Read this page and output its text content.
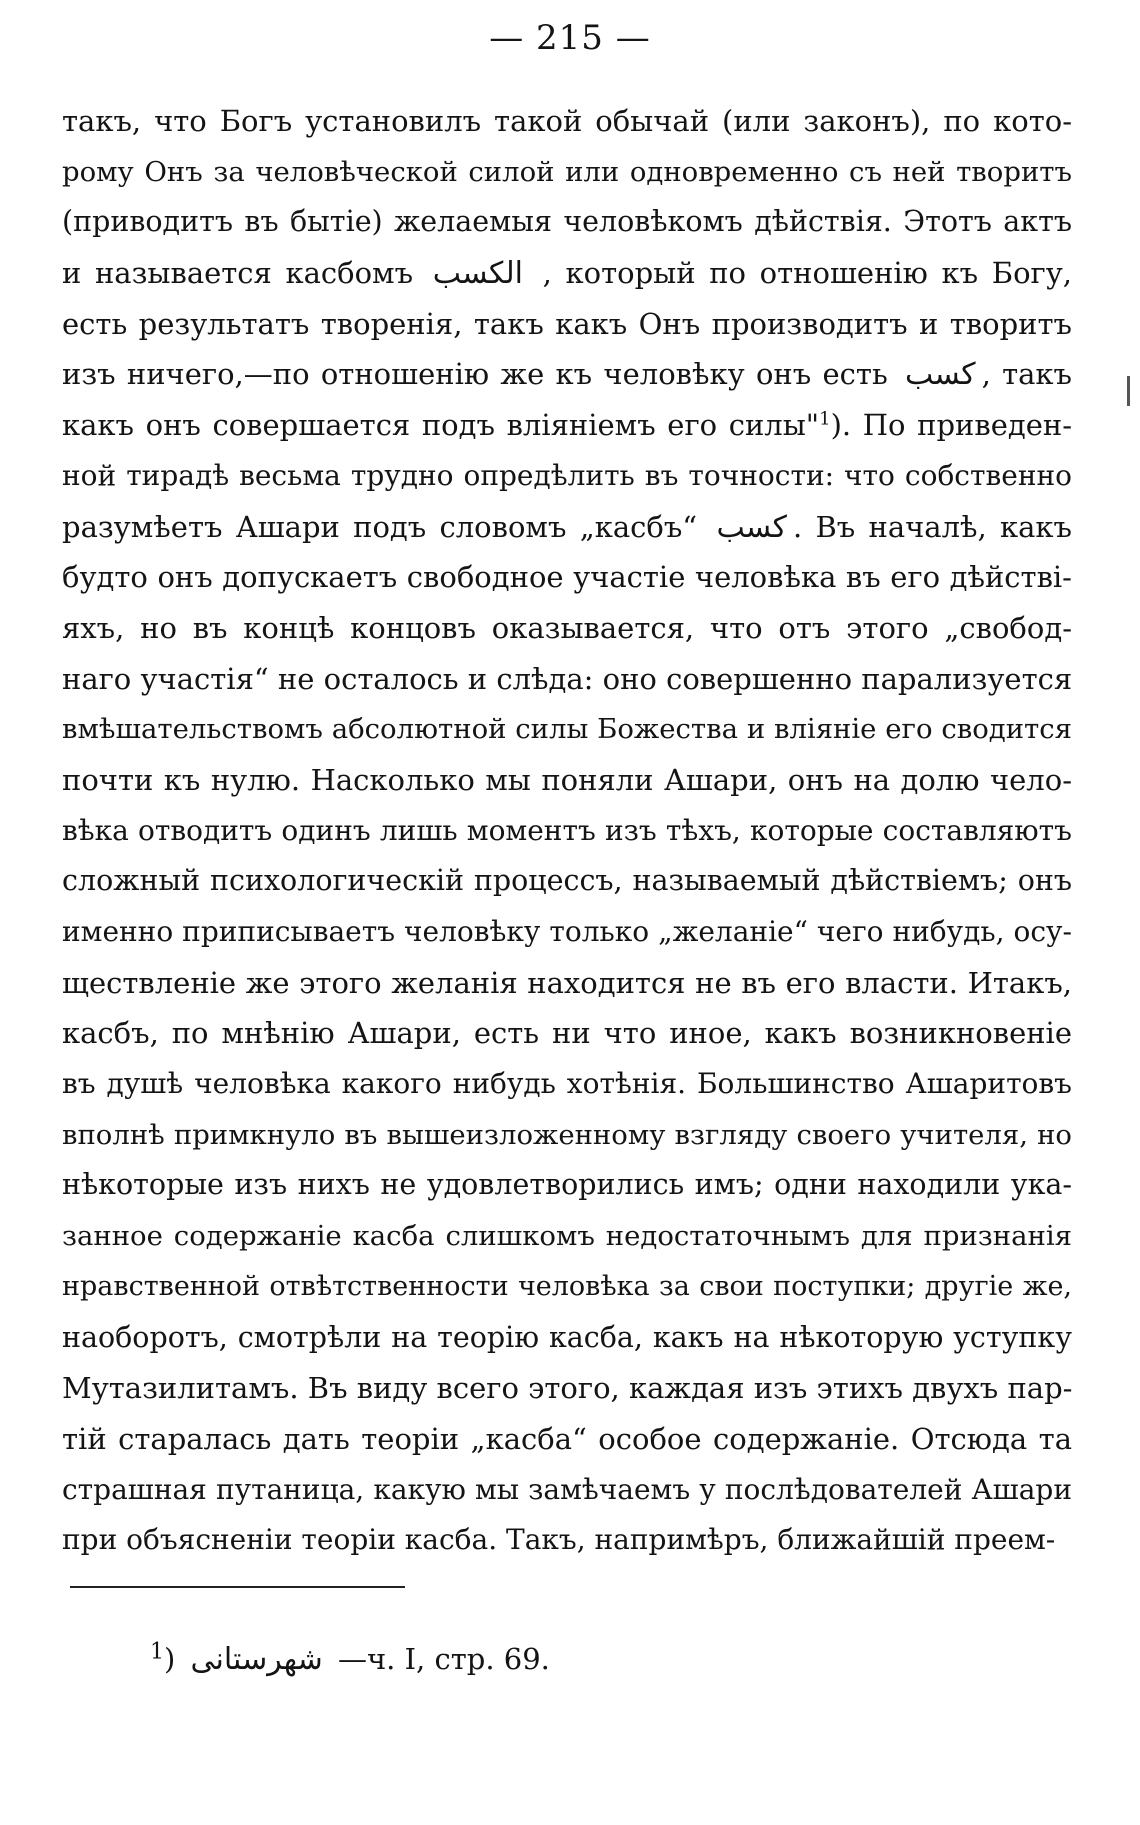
— 215 —
такъ, что Богъ установилъ такой обычай (или законъ), по кото-
рому Онъ за человѣческой силой или одновременно съ ней творитъ
(приводитъ въ бытіе) желаемыя человѣкомъ дѣйствія. Этотъ актъ
и называется касбомъ الكسب , который по отношенію къ Богу,
есть результатъ творенія, такъ какъ Онъ производитъ и творитъ
изъ ничего,—по отношенію же къ человѣку онъ есть كسب , такъ
какъ онъ совершается подъ вліяніемъ его силы"$^1$). По приведен-
ной тирадѣ весьма трудно опредѣлить въ точности: что собственно
разумѣетъ Ашари подъ словомъ „касбъ“ كسب . Въ началѣ, какъ
будто онъ допускаетъ свободное участіе человѣка въ его дѣйствi-
яхъ, но въ концѣ концовъ оказывается, что отъ этого „свобод-
наго участія“ не осталось и слѣда: оно совершенно парализуется
вмѣшательствомъ абсолютной силы Божества и вліяніе его сводится
почти къ нулю. Насколько мы поняли Ашари, онъ на долю чело-
вѣка отводитъ одинъ лишь моментъ изъ тѣхъ, которые составляютъ
сложный психологическій процессъ, называемый дѣйствіемъ; онъ
именно приписываетъ человѣку только „желаніе“ чего нибудь, осу-
ществленіе же этого желанія находится не въ его власти. Итакъ,
касбъ, по мнѣнію Ашари, есть ни что иное, какъ возникновеніе
въ душѣ человѣка какого нибудь хотѣнія. Большинство Ашаритовъ
вполнѣ примкнуло въ вышеизложенному взгляду своего учителя, но
нѣкоторые изъ нихъ не удовлетворились имъ; одни находили ука-
занное содержаніе касба слишкомъ недостаточнымъ для признанія
нравственной отвѣтственности человѣка за свои поступки; другіе же,
наоборотъ, смотрѣли на теорію касба, какъ на нѣкоторую уступку
Мутазилитамъ. Въ виду всего этого, каждая изъ этихъ двухъ пар-
тій старалась дать теоріи „касба“ особое содержаніе. Отсюда та
страшная путаница, какую мы замѣчаемъ у послѣдователей Ашари
при объясненіи теоріи касба. Такъ, напримѣръ, ближайшій преем-
$^1$) شهرستانى —ч. I, стр. 69.
